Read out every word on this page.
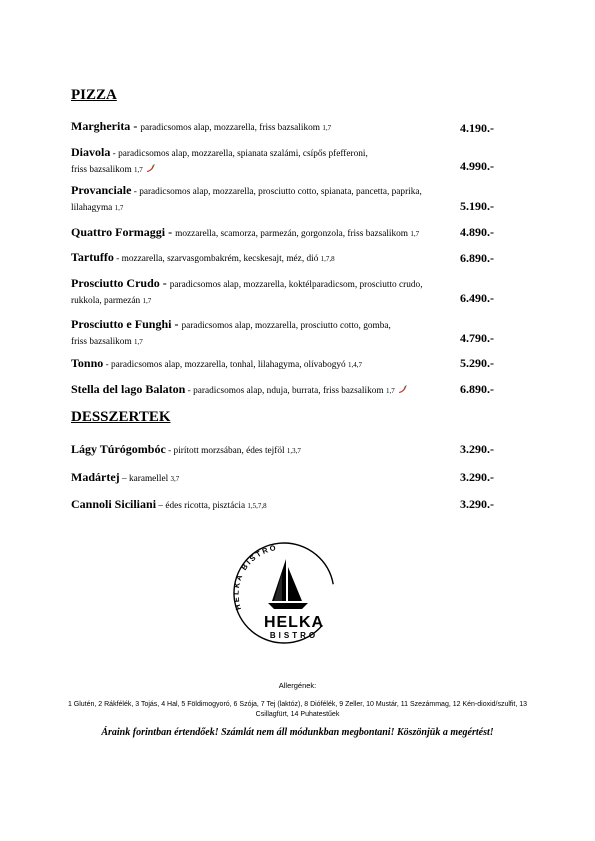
PIZZA
Margherita - paradicsomos alap, mozzarella, friss bazsalikom 1,7	4.190.-
Diavola - paradicsomos alap, mozzarella, spianata szalámi, csípős pfefferoni,
friss bazsalikom 1,7	4.990.-
Provanciale - paradicsomos alap, mozzarella, prosciutto cotto, spianata, pancetta, paprika,
lilahagyma 1,7	5.190.-
Quattro Formaggi - mozzarella, scamorza, parmezán, gorgonzola, friss bazsalikom 1,7	4.890.-
Tartuffo - mozzarella, szarvasgombakrém, kecskesajt, méz, dió 1,7,8	6.890.-
Prosciutto Crudo - paradicsomos alap, mozzarella, koktélparadicsom, prosciutto crudo,
rukkola, parmezán 1,7	6.490.-
Prosciutto e Funghi - paradicsomos alap, mozzarella, prosciutto cotto, gomba,
friss bazsalikom 1,7	4.790.-
Tonno - paradicsomos alap, mozzarella, tonhal, lilahagyma, olívabogyó 1,4,7	5.290.-
Stella del lago Balaton - paradicsomos alap, nduja, burrata, friss bazsalikom 1,7	6.890.-
DESSZERTEK
Lágy Túrógombóc - pirított morzsában, édes tejföl 1,3,7	3.290.-
Madártej – karamellel 3,7	3.290.-
Cannoli Siciliani – édes ricotta, pisztácia 1,5,7,8	3.290.-
HELKA BISTRO
HELKA
BISTRO
Allergének:
1 Glutén, 2 Rákfélék, 3 Tojás, 4 Hal, 5 Földimogyoró, 6 Szója, 7 Tej (laktóz), 8 Diófélék, 9 Zeller, 10 Mustár, 11 Szezámmag, 12 Kén-dioxid/szulfit, 13 Csillagfürt, 14 Puhatestűek
Áraink forintban értendőek! Számlát nem áll módunkban megbontani! Köszönjük a megértést!
